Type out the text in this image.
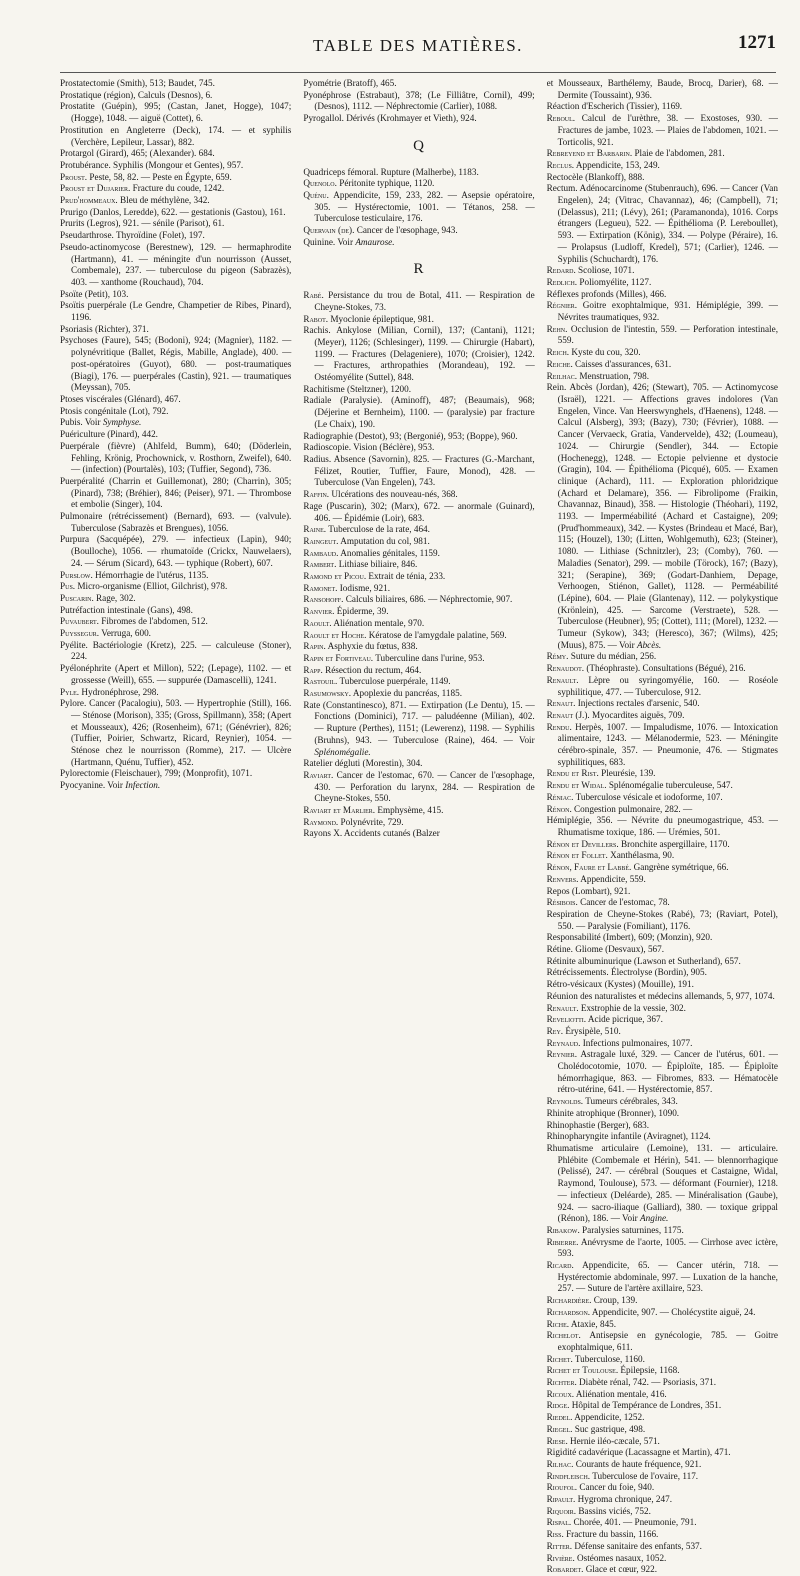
TABLE DES MATIÈRES.	1271

Prostatectomie (Smith), 513; Baudet, 745.

Prostatique (région), Calculs (Desnos), 6.

Prostatite (Guépin), 995; (Castan, Janet, Hogge), 1047; (Hogge), 1048. — aiguë (Cottet), 6.

Prostitution en Angleterre (Deck), 174. — et syphilis (Verchère, Lepileur, Lassar), 882.

Protargol (Girard), 465; (Alexander). 684.

Protubérance. Syphilis (Mongour et Gentes), 957.

Proust. Peste, 58, 82. — Peste en Égypte, 659.

Proust et Dujarier. Fracture du coude, 1242.

Prud'hommeaux. Bleu de méthylène, 342.

Prurigo (Danlos, Leredde), 622. — gestationis (Gastou), 161.

Prurits (Legros), 921. — sénile (Parisot), 61.

Pseudarthrose. Thyroïdine (Folet), 197.

Pseudo-actinomycose (Berestnew), 129. — hermaphrodite (Hartmann), 41. — méningite d'un nourrisson (Ausset, Combemale), 237. — tuberculose du pigeon (Sabrazès), 403. — xanthome (Rouchaud), 704.

Psoïte (Petit), 103.

Psoïtis puerpérale (Le Gendre, Champetier de Ribes, Pinard), 1196.

Psoriasis (Richter), 371.

Psychoses (Faure), 545; (Bodoni), 924; (Magnier), 1182. — polynévritique (Ballet, Régis, Mabille, Anglade), 400. — post-opératoires (Guyot), 680. — post-traumatiques (Biagi), 176. — puerpérales (Castin), 921. — traumatiques (Meyssan), 705.

Ptoses viscérales (Glénard), 467.

Ptosis congénitale (Lot), 792.

Pubis. Voir Symphyse.

Puériculture (Pinard), 442.

Puerpérale (fièvre) (Ahlfeld, Bumm), 640; (Döderlein, Fehling, Krönig, Prochownick, v. Rosthorn, Zweifel), 640. — (infection) (Pourtalès), 103; (Tuffier, Segond), 736.

Puerpéralité (Charrin et Guillemonat), 280; (Charrin), 305; (Pinard), 738; (Bréhier), 846; (Peiser), 971. — Thrombose et embolie (Singer), 104.

Pulmonaire (rétrécissement) (Bernard), 693. — (valvule). Tuberculose (Sabrazès et Brengues), 1056.

Purpura (Sacquépée), 279. — infectieux (Lapin), 940; (Boulloche), 1056. — rhumatoïde (Crickx, Nauwelaers), 24. — Sérum (Sicard), 643. — typhique (Robert), 607.

Purslow. Hémorrhagie de l'utérus, 1135.

Pus. Micro-organisme (Elliot, Gilchrist), 978.

Puscarin. Rage, 302.

Putréfaction intestinale (Gans), 498.

Puvaubert. Fibromes de l'abdomen, 512.

Puyssegur. Verruga, 600.

Pyélite. Bactériologie (Kretz), 225. — calculeuse (Stoner), 224.

Pyélonéphrite (Apert et Millon), 522; (Lepage), 1102. — et grossesse (Weill), 655. — suppurée (Damascelli), 1241.

Pyle. Hydronéphrose, 298.

Pylore. Cancer (Pacalogiu), 503. — Hypertrophie (Still), 166. — Sténose (Morison), 335; (Gross, Spillmann), 358; (Apert et Mousseaux), 426; (Rosenheim), 671; (Génévrier), 826; (Tuffier, Poirier, Schwartz, Ricard, Reynier), 1054. — Sténose chez le nourrisson (Romme), 217. — Ulcère (Hartmann, Quénu, Tuffier), 452.

Pylorectomie (Fleischauer), 799; (Monprofit), 1071.

Pyocyanine. Voir Infection.

Pyométrie (Bratoff), 465.

Pyonéphrose (Estrabaut), 378; (Le Filliâtre, Cornil), 499; (Desnos), 1112. — Néphrectomie (Carlier), 1088.

Pyrogallol. Dérivés (Krohmayer et Vieth), 924.

Q

Quadriceps fémoral. Rupture (Malherbe), 1183.

Quenolo. Péritonite typhique, 1120.

Quénu. Appendicite, 159, 233, 282. — Asepsie opératoire, 305. — Hystérectomie, 1001. — Tétanos, 258. — Tuberculose testiculaire, 176.

Quervain (de). Cancer de l'œsophage, 943.

Quinine. Voir Amaurose.

R

Rabé. Persistance du trou de Botal, 411. — Respiration de Cheyne-Stokes, 73.

Rabot. Myoclonie épileptique, 981.

Rachis. Ankylose (Milian, Cornil), 137; (Cantani), 1121; (Meyer), 1126; (Schlesinger), 1199. — Chirurgie (Habart), 1199. — Fractures (Delageniere), 1070; (Croisier), 1242. — Fractures, arthropathies (Morandeau), 192. — Ostéomyélite (Suttel), 848.

Rachitisme (Steltzner), 1200.

Radiale (Paralysie). (Aminoff), 487; (Beaumais), 968; (Déjerine et Bernheim), 1100. — (paralysie) par fracture (Le Chaix), 190.

Radiographie (Destot), 93; (Bergonié), 953; (Boppe), 960.

Radioscopie. Vision (Béclère), 953.

Radius. Absence (Savornin), 825. — Fractures (G.-Marchant, Félizet, Routier, Tuffier, Faure, Monod), 428. — Tuberculose (Van Engelen), 743.

Raffin. Ulcérations des nouveau-nés, 368.

Rage (Puscarin), 302; (Marx), 672. — anormale (Guinard), 406. — Épidémie (Loir), 683.

Raine. Tuberculose de la rate, 464.

Raingeut. Amputation du col, 981.

Rambaud. Anomalies génitales, 1159.

Rambert. Lithiase biliaire, 846.

Ramond et Picou. Extrait de ténia, 233.

Ramonet. Iodisme, 921.

Ransohoff. Calculs biliaires, 686. — Néphrectomie, 907.

Ranvier. Épiderme, 39.

Raoult. Aliénation mentale, 970.

Raoult et Hoche. Kératose de l'amygdale palatine, 569.

Rapin. Asphyxie du fœtus, 838.

Rapin et Fortiveau. Tuberculine dans l'urine, 953.

Rapp. Résection du rectum, 464.

Rastouil. Tuberculose puerpérale, 1149.

Rasumowsky. Apoplexie du pancréas, 1185.

Rate (Constantinesco), 871. — Extirpation (Le Dentu), 15. — Fonctions (Dominici), 717. — paludéenne (Milian), 402. — Rupture (Perthes), 1151; (Lewerenz), 1198. — Syphilis (Bruhns), 943. — Tuberculose (Raine), 464. — Voir Splénomégalie.

Ratelier dégluti (Morestin), 304.

Raviart. Cancer de l'estomac, 670. — Cancer de l'œsophage, 430. — Perforation du larynx, 284. — Respiration de Cheyne-Stokes, 550.

Raviart et Marlier. Emphysème, 415.

Raymond. Polynévrite, 729.

Rayons X. Accidents cutanés (Balzer

et Mousseaux, Barthélemy, Baude, Brocq, Darier), 68. — Dermite (Toussaint), 936.

Réaction d'Escherich (Tissier), 1169.

Reboul. Calcul de l'urèthre, 38. — Exostoses, 930. — Fractures de jambe, 1023. — Plaies de l'abdomen, 1021. — Torticolis, 921.

Rebreyend et Barbarin. Plaie de l'abdomen, 281.

Reclus. Appendicite, 153, 249.

Rectocèle (Blankoff), 888.

Rectum. Adénocarcinome (Stubenrauch), 696. — Cancer (Van Engelen), 24; (Vitrac, Chavannaz), 46; (Campbell), 71; (Delassus), 211; (Lévy), 261; (Paramanonda), 1016. Corps étrangers (Legueu), 522. — Épithélioma (P. Lereboullet), 593. — Extirpation (König), 334. — Polype (Péraire), 16. — Prolapsus (Ludloff, Kredel), 571; (Carlier), 1246. — Syphilis (Schuchardt), 176.

Redard. Scoliose, 1071.

Redlich. Poliomyélite, 1127.

Réflexes profonds (Milles), 466.

Régnier. Goitre exophtalmique, 931. Hémiplégie, 399. — Névrites traumatiques, 932.

Rehn. Occlusion de l'intestin, 559. — Perforation intestinale, 559.

Reich. Kyste du cou, 320.

Reiche. Caisses d'assurances, 631.

Reilhac. Menstruation, 798.

Rein. Abcès (Jordan), 426; (Stewart), 705. — Actinomycose (Israël), 1221. — Affections graves indolores (Van Engelen, Vince. Van Heerswynghels, d'Haenens), 1248. — Calcul (Alsberg), 393; (Bazy), 730; (Février), 1088. — Cancer (Vervaeck, Gratia, Vandervelde), 432; (Loumeau), 1024. — Chirurgie (Sendler), 344. — Ectopie (Hochenegg), 1248. — Ectopie pelvienne et dystocie (Gragin), 104. — Épithélioma (Picqué), 605. — Examen clinique (Achard), 111. — Exploration phloridzique (Achard et Delamare), 356. — Fibrolipome (Fraikin, Chavannaz, Binaud), 358. — Histologie (Théohari), 1192, 1193. — Imperméabilité (Achard et Castaigne), 209; (Prud'hommeaux), 342. — Kystes (Brindeau et Macé, Bar), 115; (Houzel), 130; (Litten, Wohlgemuth), 623; (Steiner), 1080. — Lithiase (Schnitzler), 23; (Comby), 760. — Maladies (Senator), 299. — mobile (Törock), 167; (Bazy), 321; (Serapine), 369; (Godart-Danhiem, Depage, Verhoogen, Stiénon, Gallet), 1128. — Perméabilité (Lépine), 604. — Plaie (Glantenay), 112. — polykystique (Krönlein), 425. — Sarcome (Verstraete), 528. — Tuberculose (Heubner), 95; (Cottet), 111; (Morel), 1232. — Tumeur (Sykow), 343; (Heresco), 367; (Wilms), 425; (Muus), 875. — Voir Abcès.

Rémy. Suture du médian, 256.

Renaudot. (Théophraste). Consultations (Bégué), 216.

Renault. Lèpre ou syringomyélie, 160. — Roséole syphilitique, 477. — Tuberculose, 912.

Renaut. Injections rectales d'arsenic, 540.

Renaut (J.). Myocardites aiguës, 709.

Rendu. Herpès, 1007. — Impaludisme, 1076. — Intoxication alimentaire, 1243. — Mélanodermie, 523. — Méningite cérébro-spinale, 357. — Pneumonie, 476. — Stigmates syphilitiques, 683.

Rendu et Rist. Pleurésie, 139.

Rendu et Widal. Splénomégalie tuberculeuse, 547.

Réniac. Tuberculose vésicale et iodoforme, 107.

Rénon. Congestion pulmonaire, 282. —

Hémiplégie, 356. — Névrite du pneumogastrique, 453. — Rhumatisme toxique, 186. — Urémies, 501.

Rénon et Devillers. Bronchite aspergillaire, 1170.

Rénon et Follet. Xanthélasma, 90.

Rénon, Faure et Labbé. Gangrène symétrique, 66.

Renvers. Appendicite, 559.

Repos (Lombart), 921.

Résibois. Cancer de l'estomac, 78.

Respiration de Cheyne-Stokes (Rabé), 73; (Raviart, Potel), 550. — Paralysie (Fomiliant), 1176.

Responsabilité (Imbert), 609; (Monzin), 920.

Rétine. Gliome (Desvaux), 567.

Rétinite albuminurique (Lawson et Sutherland), 657.

Rétrécissements. Électrolyse (Bordin), 905.

Rétro-vésicaux (Kystes) (Mouille), 191.

Réunion des naturalistes et médecins allemands, 5, 977, 1074.

Renault. Exstrophie de la vessie, 302.

Reveliotti. Acide picrique, 367.

Rey. Érysipèle, 510.

Reynaud. Infections pulmonaires, 1077.

Reynier. Astragale luxé, 329. — Cancer de l'utérus, 601. — Cholédocotomie, 1070. — Épiploïte, 185. — Épiploïte hémorrhagique, 863. — Fibromes, 833. — Hématocèle rétro-utérine, 641. — Hystérectomie, 857.

Reynolds. Tumeurs cérébrales, 343.

Rhinite atrophique (Bronner), 1090.

Rhinophastie (Berger), 683.

Rhinopharyngite infantile (Aviragnet), 1124.

Rhumatisme articulaire (Lemoine), 131. — articulaire. Phlébite (Combemale et Hérin), 541. — blennorrhagique (Pelissé), 247. — cérébral (Souques et Castaigne, Widal, Raymond, Toulouse), 573. — déformant (Fournier), 1218. — infectieux (Deléarde), 285. — Minéralisation (Gaube), 924. — sacro-iliaque (Galliard), 380. — toxique grippal (Rénon), 186. — Voir Angine.

Ribakow. Paralysies saturnines, 1175.

Ribierre. Anévrysme de l'aorte, 1005. — Cirrhose avec ictère, 593.

Ricard. Appendicite, 65. — Cancer utérin, 718. — Hystérectomie abdominale, 997. — Luxation de la hanche, 257. — Suture de l'artère axillaire, 523.

Richardière. Croup, 139.

Richardson. Appendicite, 907. — Cholécystite aiguë, 24.

Riche. Ataxie, 845.

Richelot. Antisepsie en gynécologie, 785. — Goitre exophtalmique, 611.

Richet. Tuberculose, 1160.

Richet et Toulouse. Épilepsie, 1168.

Richter. Diabète rénal, 742. — Psoriasis, 371.

Ricoux. Aliénation mentale, 416.

Ridge. Hôpital de Tempérance de Londres, 351.

Riedel. Appendicite, 1252.

Riegel. Suc gastrique, 498.

Riese. Hernie iléo-cæcale, 571.

Rigidité cadavérique (Lacassagne et Martin), 471.

Rilhac. Courants de haute fréquence, 921.

Rindfleisch. Tuberculose de l'ovaire, 117.

Rioufol. Cancer du foie, 940.

Ripault. Hygroma chronique, 247.

Riquoir. Bassins viciés, 752.

Rispal. Chorée, 401. — Pneumonie, 791.

Riss. Fracture du bassin, 1166.

Ritter. Défense sanitaire des enfants, 537.

Rivière. Ostéomes nasaux, 1052.

Robardet. Glace et cœur, 922.
